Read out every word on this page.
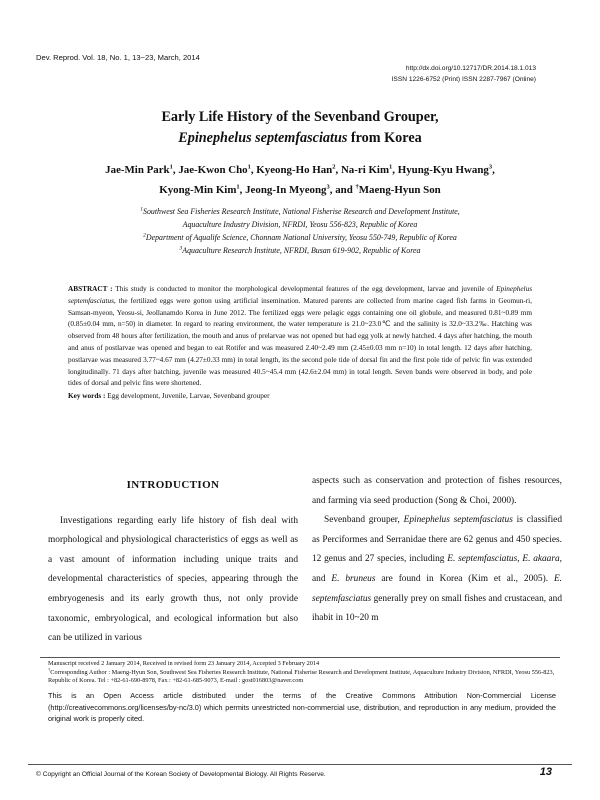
Dev. Reprod. Vol. 18, No. 1, 13~23, March, 2014
http://dx.doi.org/10.12717/DR.2014.18.1.013
ISSN 1226-6752 (Print) ISSN 2287-7967 (Online)
Early Life History of the Sevenband Grouper,
Epinephelus septemfasciatus from Korea
Jae-Min Park$^1$, Jae-Kwon Cho$^1$, Kyeong-Ho Han$^2$, Na-ri Kim$^1$, Hyung-Kyu Hwang$^3$,
Kyong-Min Kim$^1$, Jeong-In Myeong$^3$, and †Maeng-Hyun Son
$^1$Southwest Sea Fisheries Research Institute, National Fisherise Research and Development Institute,
Aquaculture Industry Division, NFRDI, Yeosu 556-823, Republic of Korea
$^2$Department of Aqualife Science, Chonnam National University, Yeosu 550-749, Republic of Korea
$^3$Aquaculture Research Institute, NFRDI, Busan 619-902, Republic of Korea
ABSTRACT : This study is conducted to monitor the morphological developmental features of the egg development, larvae and juvenile of Epinephelus septemfasciatus, the fertilized eggs were gotton using artificial insemination. Matured parents are collected from marine caged fish farms in Geomun-ri, Samsan-myeon, Yeosu-si, Jeollanamdo Korea in June 2012. The fertilized eggs were pelagic eggs containing one oil globule, and measured 0.81~0.89 mm (0.85±0.04 mm, n=50) in diameter. In regard to rearing environment, the water temperature is 21.0~23.0℃ and the salinity is 32.0~33.2‰. Hatching was observed from 48 hours after fertilization, the mouth and anus of prelarvae was not opened but had egg yolk at newly hatched. 4 days after hatching, the mouth and anus of postlarvae was opened and began to eat Rotifer and was measured 2.40~2.49 mm (2.45±0.03 mm n=10) in total length. 12 days after hatching, postlarvae was measured 3.77~4.67 mm (4.27±0.33 mm) in total length, its the second pole tide of dorsal fin and the first pole tide of pelvic fin was extended longitudinally. 71 days after hatching, juvenile was measured 40.5~45.4 mm (42.6±2.04 mm) in total length. Seven bands were observed in body, and pole tides of dorsal and pelvic fins were shortened.
Key words : Egg development, Juvenile, Larvae, Sevenband grouper
INTRODUCTION
Investigations regarding early life history of fish deal with morphological and physiological characteristics of eggs as well as a vast amount of information including unique traits and developmental characteristics of species, appearing through the embryogenesis and its early growth thus, not only provide taxonomic, embryological, and ecological information but also can be utilized in various
aspects such as conservation and protection of fishes resources, and farming via seed production (Song & Choi, 2000).
Sevenband grouper, Epinephelus septemfasciatus is classified as Perciformes and Serranidae there are 62 genus and 450 species. 12 genus and 27 species, including E. septemfasciatus, E. akaara, and E. bruneus are found in Korea (Kim et al., 2005). E. septemfasciatus generally prey on small fishes and crustacean, and ihabit in 10~20 m
Manuscript received 2 January 2014, Received in revised form 23 January 2014, Accepted 3 February 2014
†Corresponding Author : Maeng-Hyun Son, Southwest Sea Fisheries Research Institute, National Fisherise Research and Development Institute, Aquaculture Industry Division, NFRDI, Yeosu 556-823, Republic of Korea. Tel : +82-61-690-8978, Fax : +82-61-685-9073, E-mail : gost016803@naver.com
This is an Open Access article distributed under the terms of the Creative Commons Attribution Non-Commercial License (http://creativecommons.org/licenses/by-nc/3.0) which permits unrestricted non-commercial use, distribution, and reproduction in any medium, provided the original work is properly cited.
© Copyright an Official Journal of the Korean Society of Developmental Biology. All Rights Reserve.	13
